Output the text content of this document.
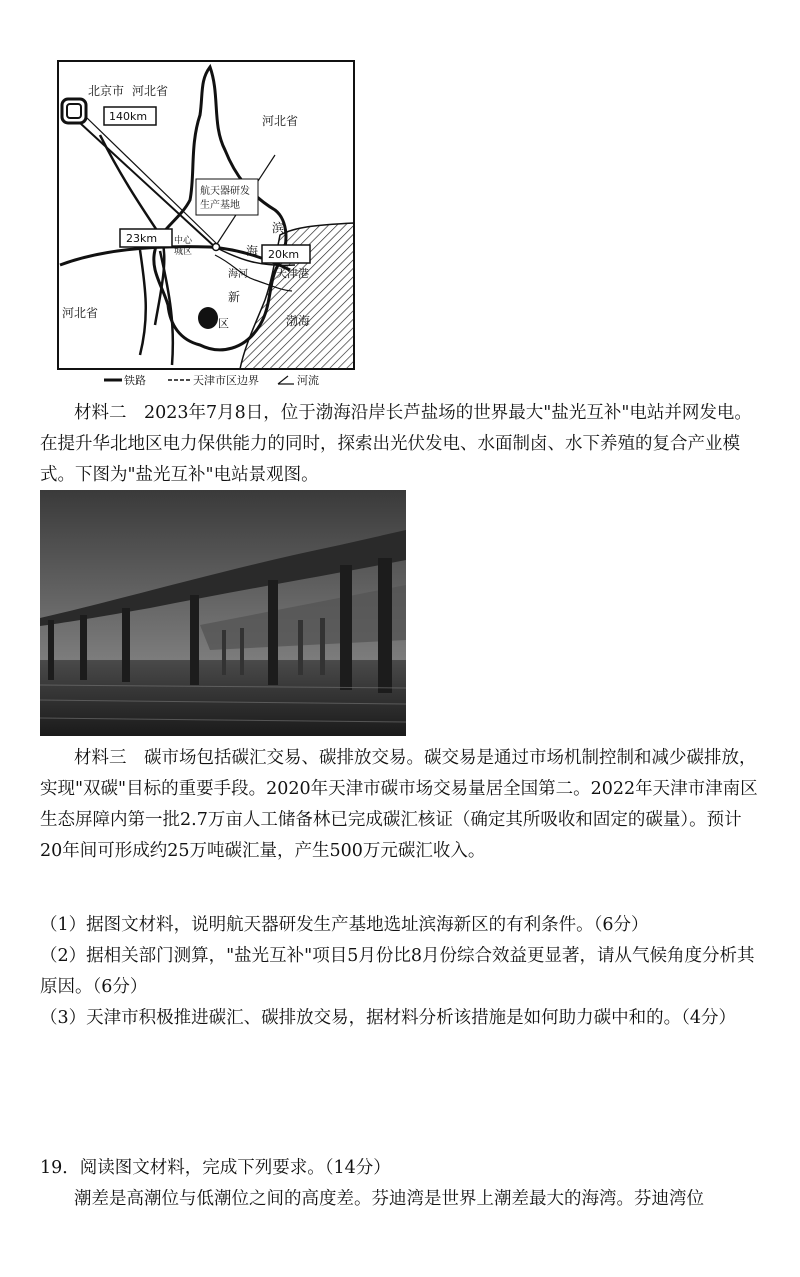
北京市 河北省
河北省
河北省
140km
23km
20km
航天器研发
生产基地
中心
城区
滨
海
新
区
海河	天津港
渤海
铁路	天津市区边界	河流

材料二　2023年7月8日，位于渤海沿岸长芦盐场的世界最大"盐光互补"电站并网发电。在提升华北地区电力保供能力的同时，探索出光伏发电、水面制卤、水下养殖的复合产业模式。下图为"盐光互补"电站景观图。

材料三　碳市场包括碳汇交易、碳排放交易。碳交易是通过市场机制控制和减少碳排放，实现"双碳"目标的重要手段。2020年天津市碳市场交易量居全国第二。2022年天津市津南区生态屏障内第一批2.7万亩人工储备林已完成碳汇核证（确定其所吸收和固定的碳量）。预计20年间可形成约25万吨碳汇量，产生500万元碳汇收入。

（1）据图文材料，说明航天器研发生产基地选址滨海新区的有利条件。（6分）

（2）据相关部门测算，"盐光互补"项目5月份比8月份综合效益更显著，请从气候角度分析其原因。（6分）

（3）天津市积极推进碳汇、碳排放交易，据材料分析该措施是如何助力碳中和的。（4分）

19．阅读图文材料，完成下列要求。（14分）

潮差是高潮位与低潮位之间的高度差。芬迪湾是世界上潮差最大的海湾。芬迪湾位
